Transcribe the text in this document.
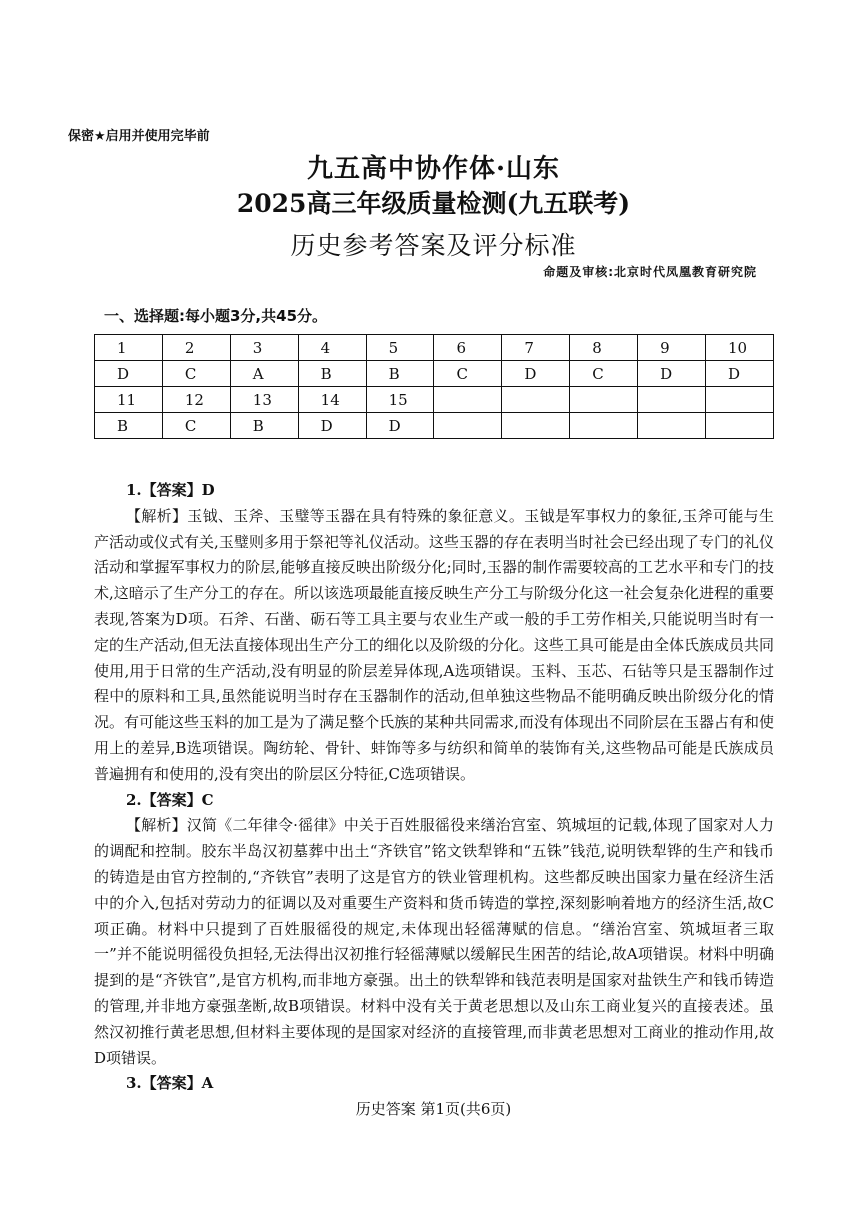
保密★启用并使用完毕前
九五高中协作体·山东
2025高三年级质量检测(九五联考)
历史参考答案及评分标准
命题及审核:北京时代凤凰教育研究院
一、选择题:每小题3分,共45分。
1	2	3	4	5	6	7	8	9	10
D	C	A	B	B	C	D	C	D	D
11	12	13	14	15					
B	C	B	D	D					

1.【答案】D

【解析】玉钺、玉斧、玉璧等玉器在具有特殊的象征意义。玉钺是军事权力的象征,玉斧可能与生产活动或仪式有关,玉璧则多用于祭祀等礼仪活动。这些玉器的存在表明当时社会已经出现了专门的礼仪活动和掌握军事权力的阶层,能够直接反映出阶级分化;同时,玉器的制作需要较高的工艺水平和专门的技术,这暗示了生产分工的存在。所以该选项最能直接反映生产分工与阶级分化这一社会复杂化进程的重要表现,答案为D项。石斧、石凿、砺石等工具主要与农业生产或一般的手工劳作相关,只能说明当时有一定的生产活动,但无法直接体现出生产分工的细化以及阶级的分化。这些工具可能是由全体氏族成员共同使用,用于日常的生产活动,没有明显的阶层差异体现,A选项错误。玉料、玉芯、石钻等只是玉器制作过程中的原料和工具,虽然能说明当时存在玉器制作的活动,但单独这些物品不能明确反映出阶级分化的情况。有可能这些玉料的加工是为了满足整个氏族的某种共同需求,而没有体现出不同阶层在玉器占有和使用上的差异,B选项错误。陶纺轮、骨针、蚌饰等多与纺织和简单的装饰有关,这些物品可能是氏族成员普遍拥有和使用的,没有突出的阶层区分特征,C选项错误。

2.【答案】C

【解析】汉简《二年律令·徭律》中关于百姓服徭役来缮治宫室、筑城垣的记载,体现了国家对人力的调配和控制。胶东半岛汉初墓葬中出土“齐铁官”铭文铁犁铧和“五铢”钱范,说明铁犁铧的生产和钱币的铸造是由官方控制的,“齐铁官”表明了这是官方的铁业管理机构。这些都反映出国家力量在经济生活中的介入,包括对劳动力的征调以及对重要生产资料和货币铸造的掌控,深刻影响着地方的经济生活,故C项正确。材料中只提到了百姓服徭役的规定,未体现出轻徭薄赋的信息。“缮治宫室、筑城垣者三取一”并不能说明徭役负担轻,无法得出汉初推行轻徭薄赋以缓解民生困苦的结论,故A项错误。材料中明确提到的是“齐铁官”,是官方机构,而非地方豪强。出土的铁犁铧和钱范表明是国家对盐铁生产和钱币铸造的管理,并非地方豪强垄断,故B项错误。材料中没有关于黄老思想以及山东工商业复兴的直接表述。虽然汉初推行黄老思想,但材料主要体现的是国家对经济的直接管理,而非黄老思想对工商业的推动作用,故D项错误。

3.【答案】A

历史答案 第1页(共6页)
